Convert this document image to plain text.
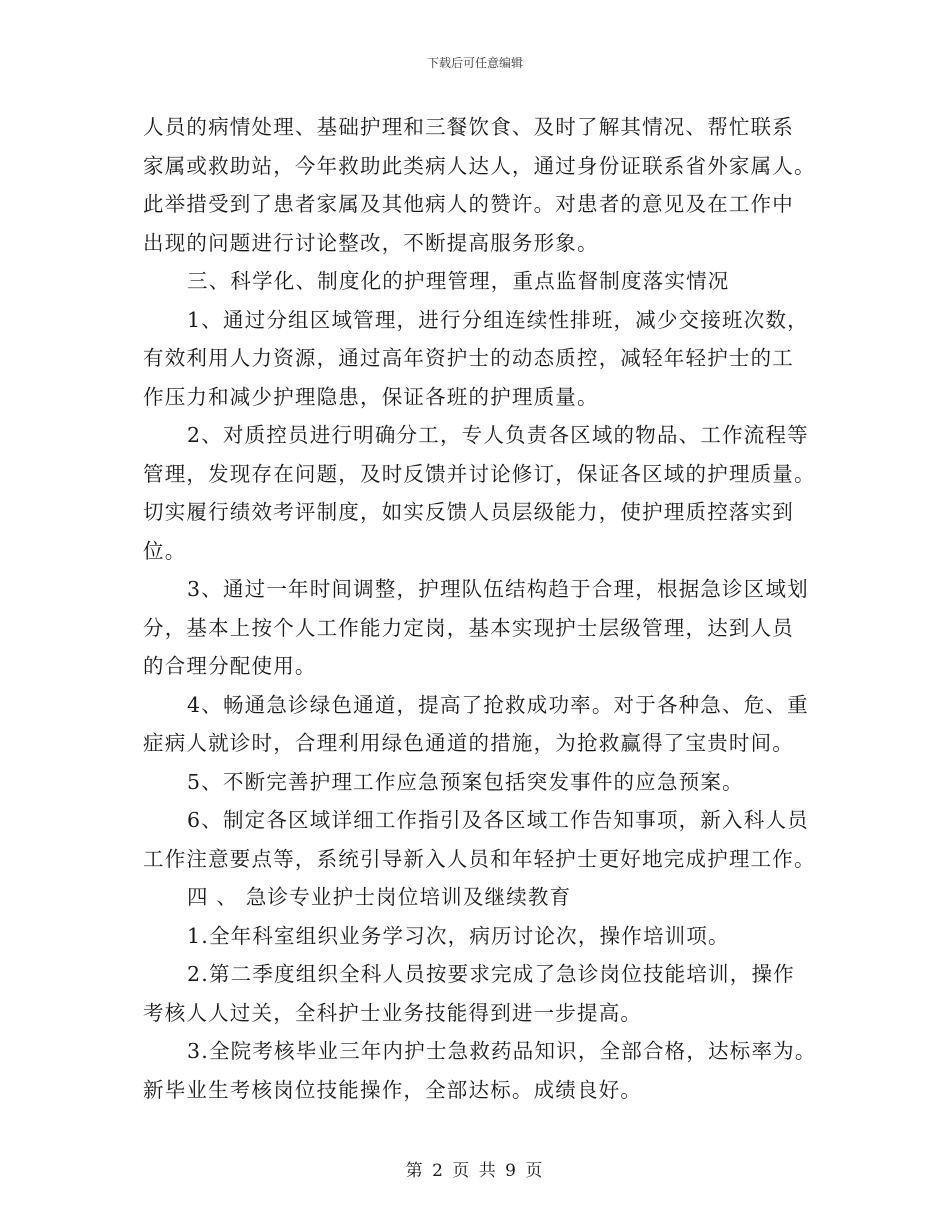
下载后可任意编辑
人员的病情处理、基础护理和三餐饮食、及时了解其情况、帮忙联系
家属或救助站，今年救助此类病人达人，通过身份证联系省外家属人。
此举措受到了患者家属及其他病人的赞许。对患者的意见及在工作中
出现的问题进行讨论整改，不断提高服务形象。
三、科学化、制度化的护理管理，重点监督制度落实情况
1、通过分组区域管理，进行分组连续性排班，减少交接班次数，
有效利用人力资源，通过高年资护士的动态质控，减轻年轻护士的工
作压力和减少护理隐患，保证各班的护理质量。
2、对质控员进行明确分工，专人负责各区域的物品、工作流程等
管理，发现存在问题，及时反馈并讨论修订，保证各区域的护理质量。
切实履行绩效考评制度，如实反馈人员层级能力，使护理质控落实到
位。
3、通过一年时间调整，护理队伍结构趋于合理，根据急诊区域划
分，基本上按个人工作能力定岗，基本实现护士层级管理，达到人员
的合理分配使用。
4、畅通急诊绿色通道，提高了抢救成功率。对于各种急、危、重
症病人就诊时，合理利用绿色通道的措施，为抢救赢得了宝贵时间。
5、不断完善护理工作应急预案包括突发事件的应急预案。
6、制定各区域详细工作指引及各区域工作告知事项，新入科人员
工作注意要点等，系统引导新入人员和年轻护士更好地完成护理工作。
四 、 急诊专业护士岗位培训及继续教育
1.全年科室组织业务学习次，病历讨论次，操作培训项。
2.第二季度组织全科人员按要求完成了急诊岗位技能培训，操作
考核人人过关，全科护士业务技能得到进一步提高。
3.全院考核毕业三年内护士急救药品知识，全部合格，达标率为。
新毕业生考核岗位技能操作，全部达标。成绩良好。
第 2 页 共 9 页
